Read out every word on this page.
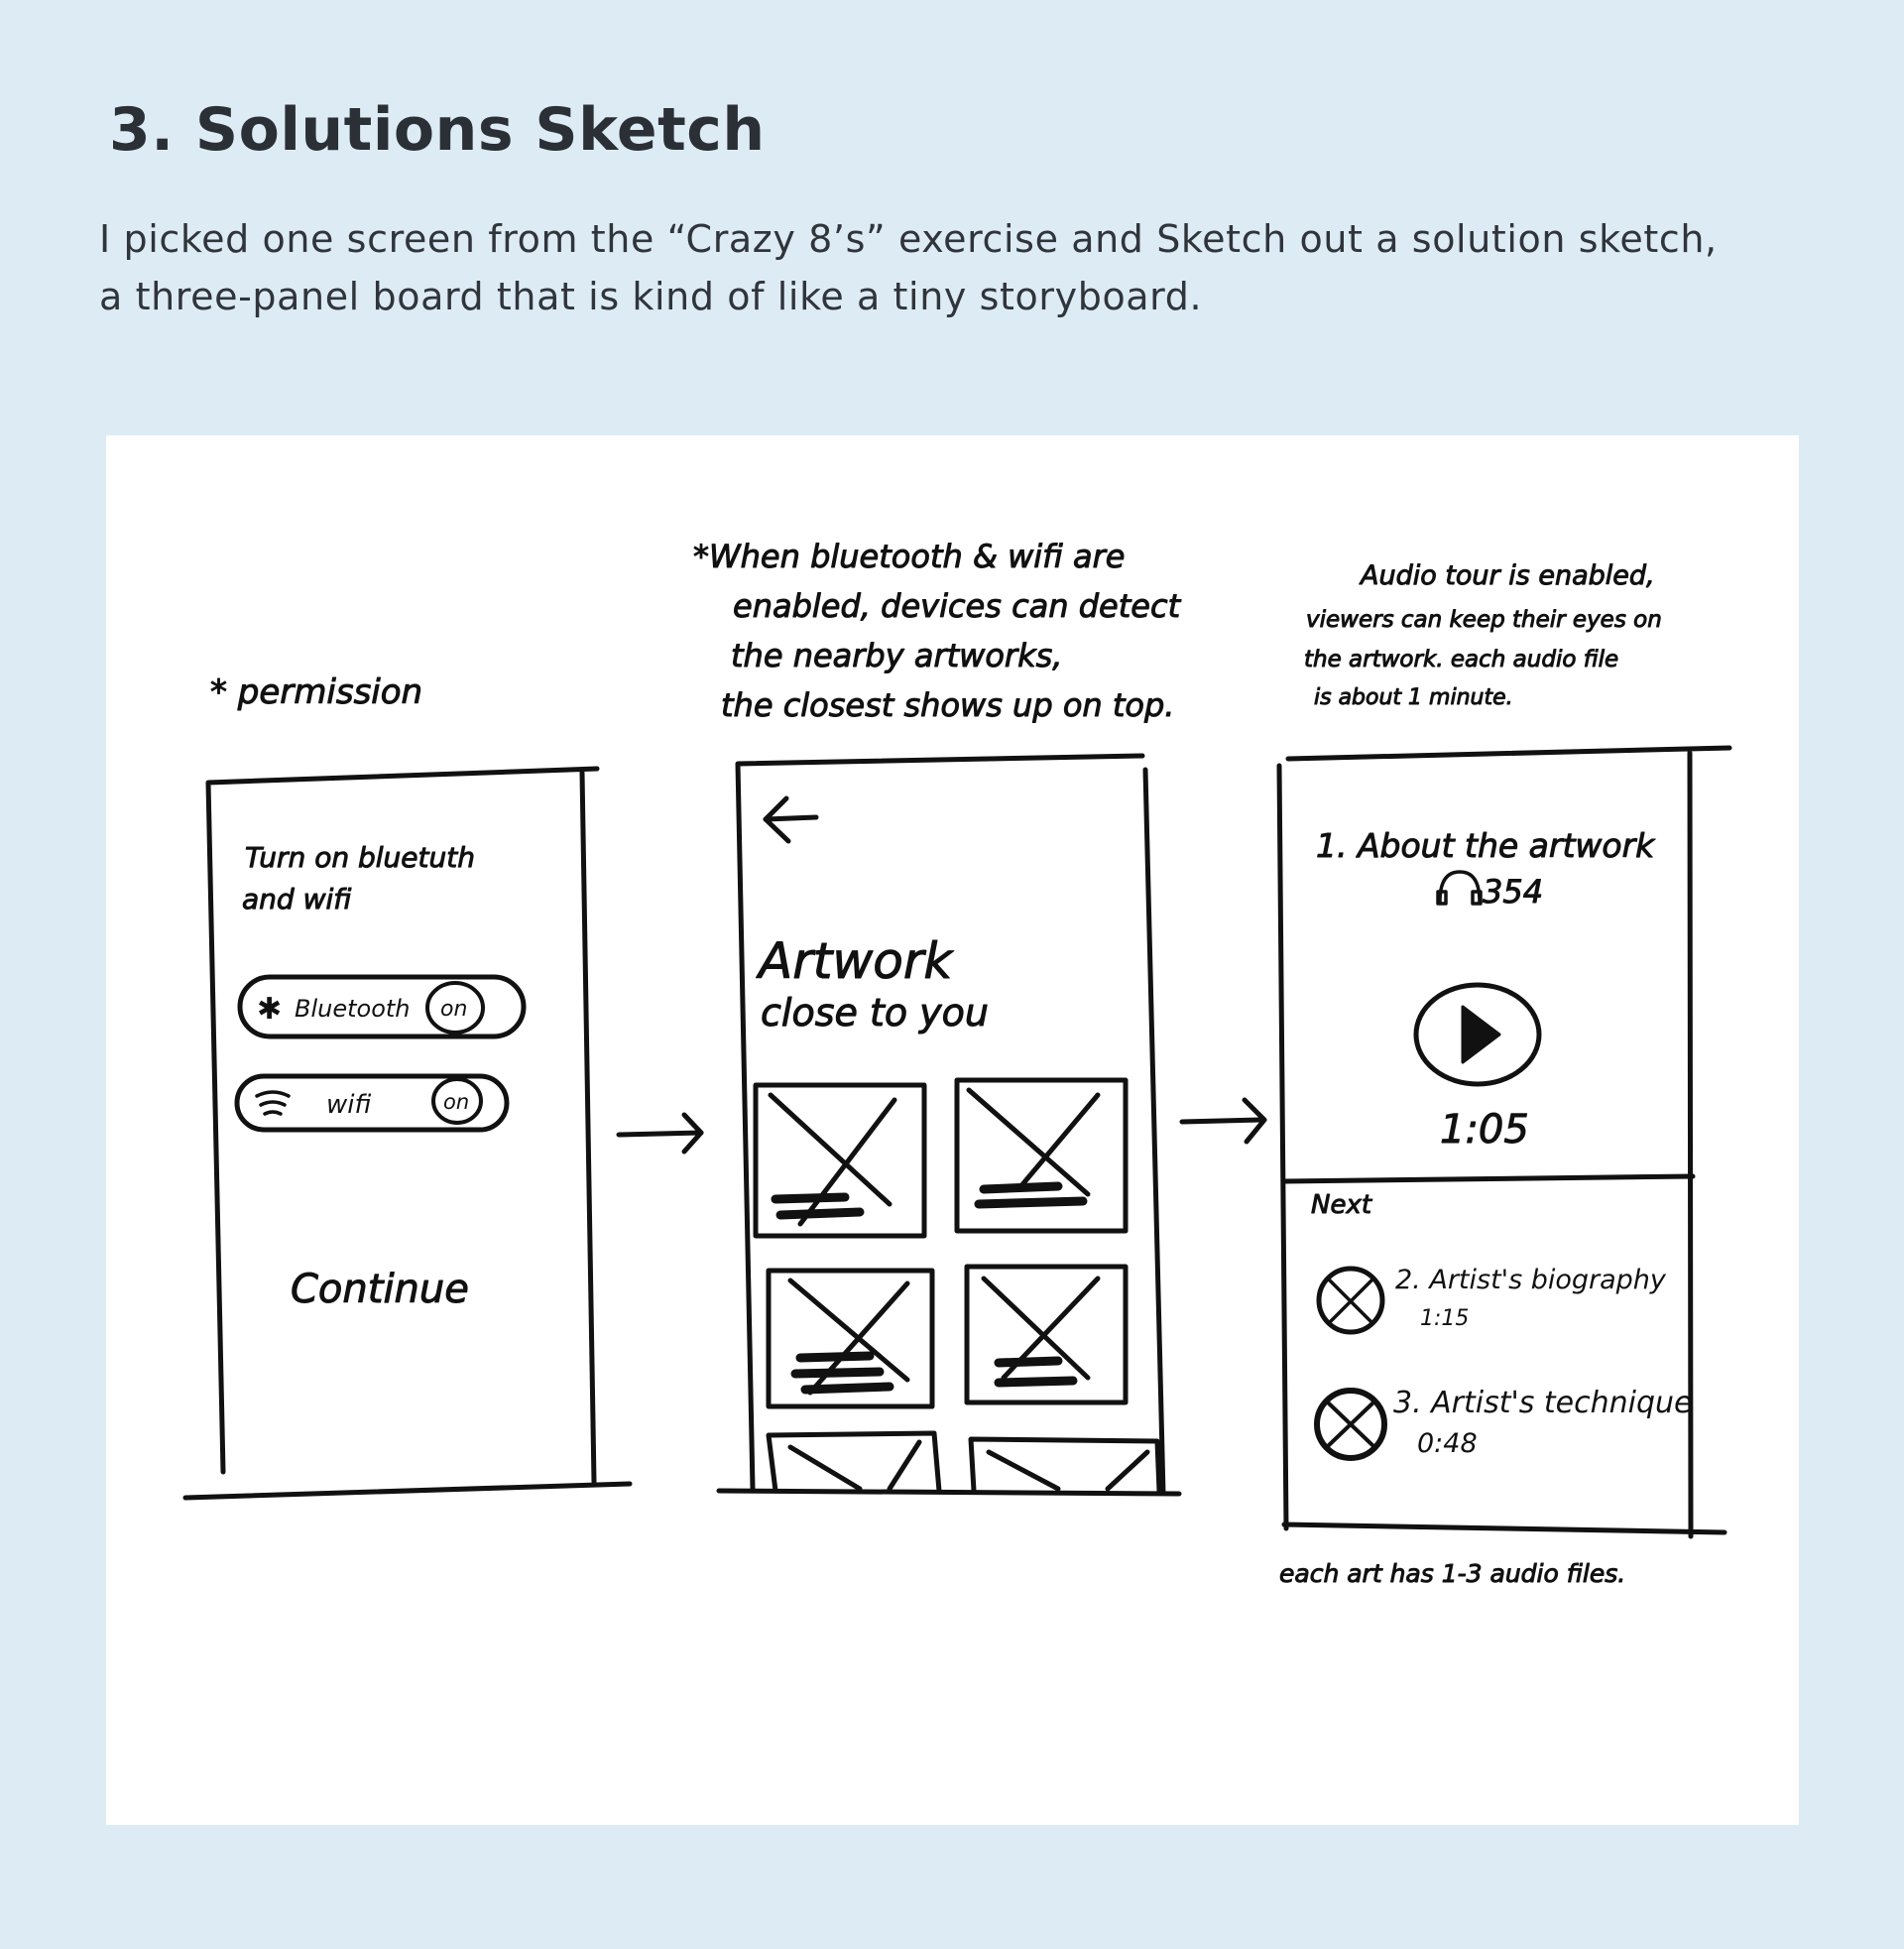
3. Solutions Sketch
I picked one screen from the “Crazy 8’s” exercise and Sketch out a solution sketch,
a three-panel board that is kind of like a tiny storyboard.
* permission
Turn on bluetuth
and wifi
✱ Bluetooth on
wifi	on
Continue
*When bluetooth & wifi are
enabled, devices can detect
the nearby artworks,
the closest shows up on top.
Artwork
close to you
Audio tour is enabled,
viewers can keep their eyes on
the artwork. each audio file
is about 1 minute.
1. About the artwork
354
1:05
Next
2. Artist's biography
1:15
3. Artist's technique
0:48
each art has 1-3 audio files.
